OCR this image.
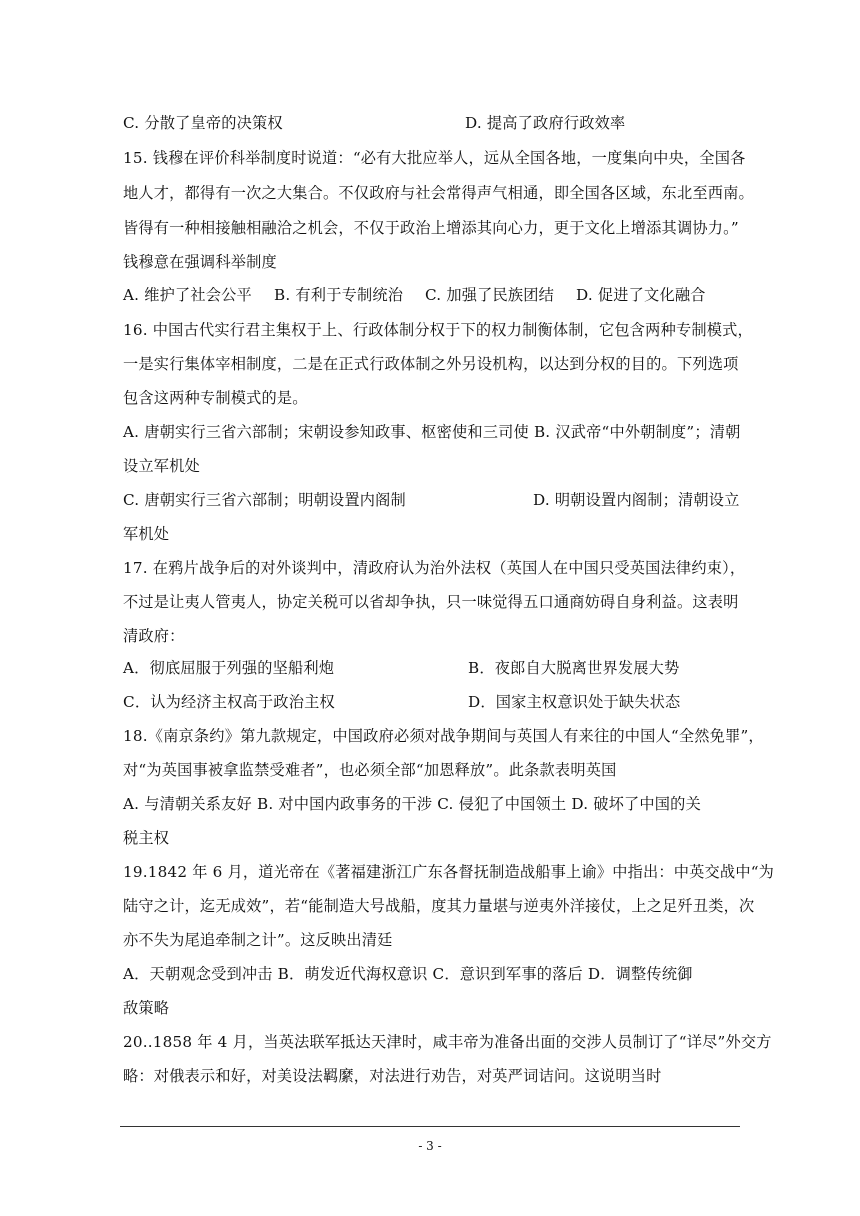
C. 分散了皇帝的决策权	D. 提高了政府行政效率
15. 钱穆在评价科举制度时说道：“必有大批应举人，远从全国各地，一度集向中央，全国各
地人才，都得有一次之大集合。不仅政府与社会常得声气相通，即全国各区域，东北至西南。
皆得有一种相接触相融洽之机会，不仅于政治上增添其向心力，更于文化上增添其调协力。”
钱穆意在强调科举制度
A. 维护了社会公平 B. 有利于专制统治 C. 加强了民族团结 D. 促进了文化融合
16. 中国古代实行君主集权于上、行政体制分权于下的权力制衡体制，它包含两种专制模式，
一是实行集体宰相制度，二是在正式行政体制之外另设机构，以达到分权的目的。下列选项
包含这两种专制模式的是。
A. 唐朝实行三省六部制；宋朝设参知政事、枢密使和三司使 B. 汉武帝“中外朝制度”；清朝
设立军机处
C. 唐朝实行三省六部制；明朝设置内阁制	D. 明朝设置内阁制；清朝设立
军机处
17. 在鸦片战争后的对外谈判中，清政府认为治外法权（英国人在中国只受英国法律约束），
不过是让夷人管夷人，协定关税可以省却争执，只一味觉得五口通商妨碍自身利益。这表明
清政府：
A．彻底屈服于列强的坚船利炮	B．夜郎自大脱离世界发展大势
C．认为经济主权高于政治主权	D．国家主权意识处于缺失状态
18.《南京条约》第九款规定，中国政府必须对战争期间与英国人有来往的中国人“全然免罪”，
对“为英国事被拿监禁受难者”，也必须全部“加恩释放”。此条款表明英国
A. 与清朝关系友好 B. 对中国内政事务的干涉 C. 侵犯了中国领土 D. 破坏了中国的关
税主权
19.1842 年 6 月，道光帝在《著福建浙江广东各督抚制造战船事上谕》中指出：中英交战中“为
陆守之计，迄无成效”，若“能制造大号战船，度其力量堪与逆夷外洋接仗，上之足歼丑类，次
亦不失为尾追牵制之计”。这反映出清廷
A．天朝观念受到冲击 B．萌发近代海权意识 C．意识到军事的落后 D．调整传统御
敌策略
20..1858 年 4 月，当英法联军抵达天津时，咸丰帝为准备出面的交涉人员制订了“详尽”外交方
略：对俄表示和好，对美设法羁縻，对法进行劝告，对英严词诘问。这说明当时
- 3 -
